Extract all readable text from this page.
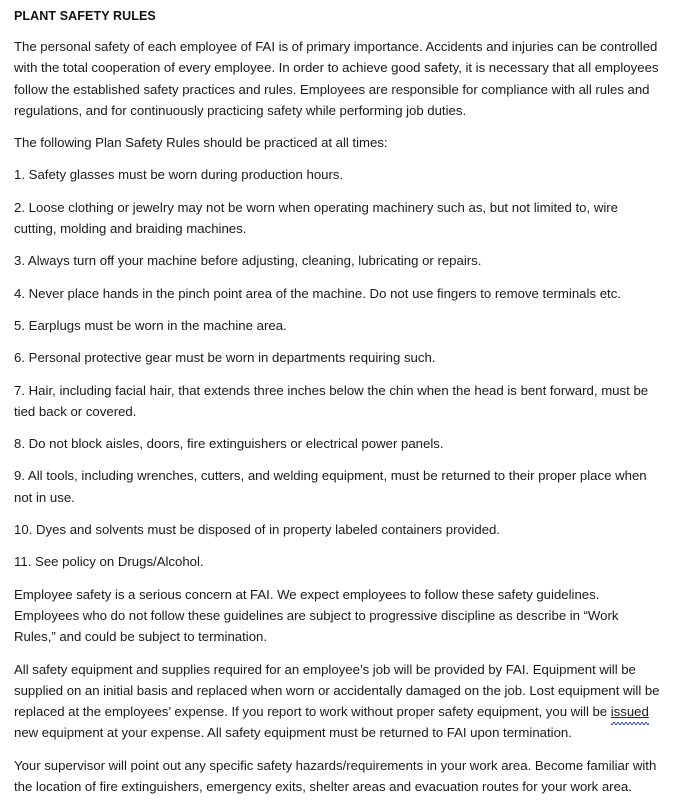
PLANT SAFETY RULES

The personal safety of each employee of FAI is of primary importance. Accidents and injuries can be controlled with the total cooperation of every employee. In order to achieve good safety, it is necessary that all employees follow the established safety practices and rules. Employees are responsible for compliance with all rules and regulations, and for continuously practicing safety while performing job duties.

The following Plan Safety Rules should be practiced at all times:

1. Safety glasses must be worn during production hours.
2. Loose clothing or jewelry may not be worn when operating machinery such as, but not limited to, wire cutting, molding and braiding machines.
3. Always turn off your machine before adjusting, cleaning, lubricating or repairs.
4. Never place hands in the pinch point area of the machine. Do not use fingers to remove terminals etc.
5. Earplugs must be worn in the machine area.
6. Personal protective gear must be worn in departments requiring such.
7. Hair, including facial hair, that extends three inches below the chin when the head is bent forward, must be tied back or covered.
8. Do not block aisles, doors, fire extinguishers or electrical power panels.
9. All tools, including wrenches, cutters, and welding equipment, must be returned to their proper place when not in use.
10. Dyes and solvents must be disposed of in property labeled containers provided.
11. See policy on Drugs/Alcohol.

Employee safety is a serious concern at FAI. We expect employees to follow these safety guidelines. Employees who do not follow these guidelines are subject to progressive discipline as describe in “Work Rules,” and could be subject to termination.

All safety equipment and supplies required for an employee’s job will be provided by FAI. Equipment will be supplied on an initial basis and replaced when worn or accidentally damaged on the job. Lost equipment will be replaced at the employees’ expense. If you report to work without proper safety equipment, you will be issued new equipment at your expense. All safety equipment must be returned to FAI upon termination.

Your supervisor will point out any specific safety hazards/requirements in your work area. Become familiar with the location of fire extinguishers, emergency exits, shelter areas and evacuation routes for your work area.
